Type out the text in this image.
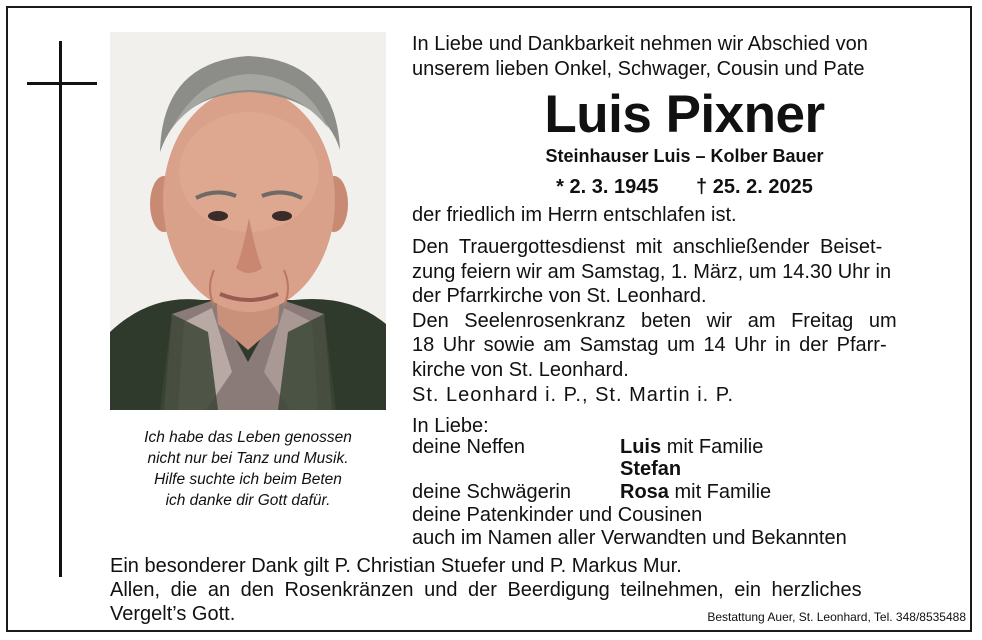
Ich habe das Leben genossen
nicht nur bei Tanz und Musik.
Hilfe suchte ich beim Beten
ich danke dir Gott dafür.
In Liebe und Dankbarkeit nehmen wir Abschied von
unserem lieben Onkel, Schwager, Cousin und Pate
Luis Pixner
Steinhauser Luis – Kolber Bauer
* 2. 3. 1945 † 25. 2. 2025
der friedlich im Herrn entschlafen ist.
Den Trauergottesdienst mit anschließender Beiset-
zung feiern wir am Samstag, 1. März, um 14.30 Uhr in
der Pfarrkirche von St. Leonhard.
Den Seelenrosenkranz beten wir am Freitag um
18 Uhr sowie am Samstag um 14 Uhr in der Pfarr-
kirche von St. Leonhard.
St. Leonhard i. P., St. Martin i. P.
In Liebe:
deine Neffen	Luis mit Familie
Stefan
deine Schwägerin Rosa mit Familie
deine Patenkinder und Cousinen
auch im Namen aller Verwandten und Bekannten
Ein besonderer Dank gilt P. Christian Stuefer und P. Markus Mur.
Allen, die an den Rosenkränzen und der Beerdigung teilnehmen, ein herzliches
Vergelt’s Gott.	Bestattung Auer, St. Leonhard, Tel. 348/8535488
